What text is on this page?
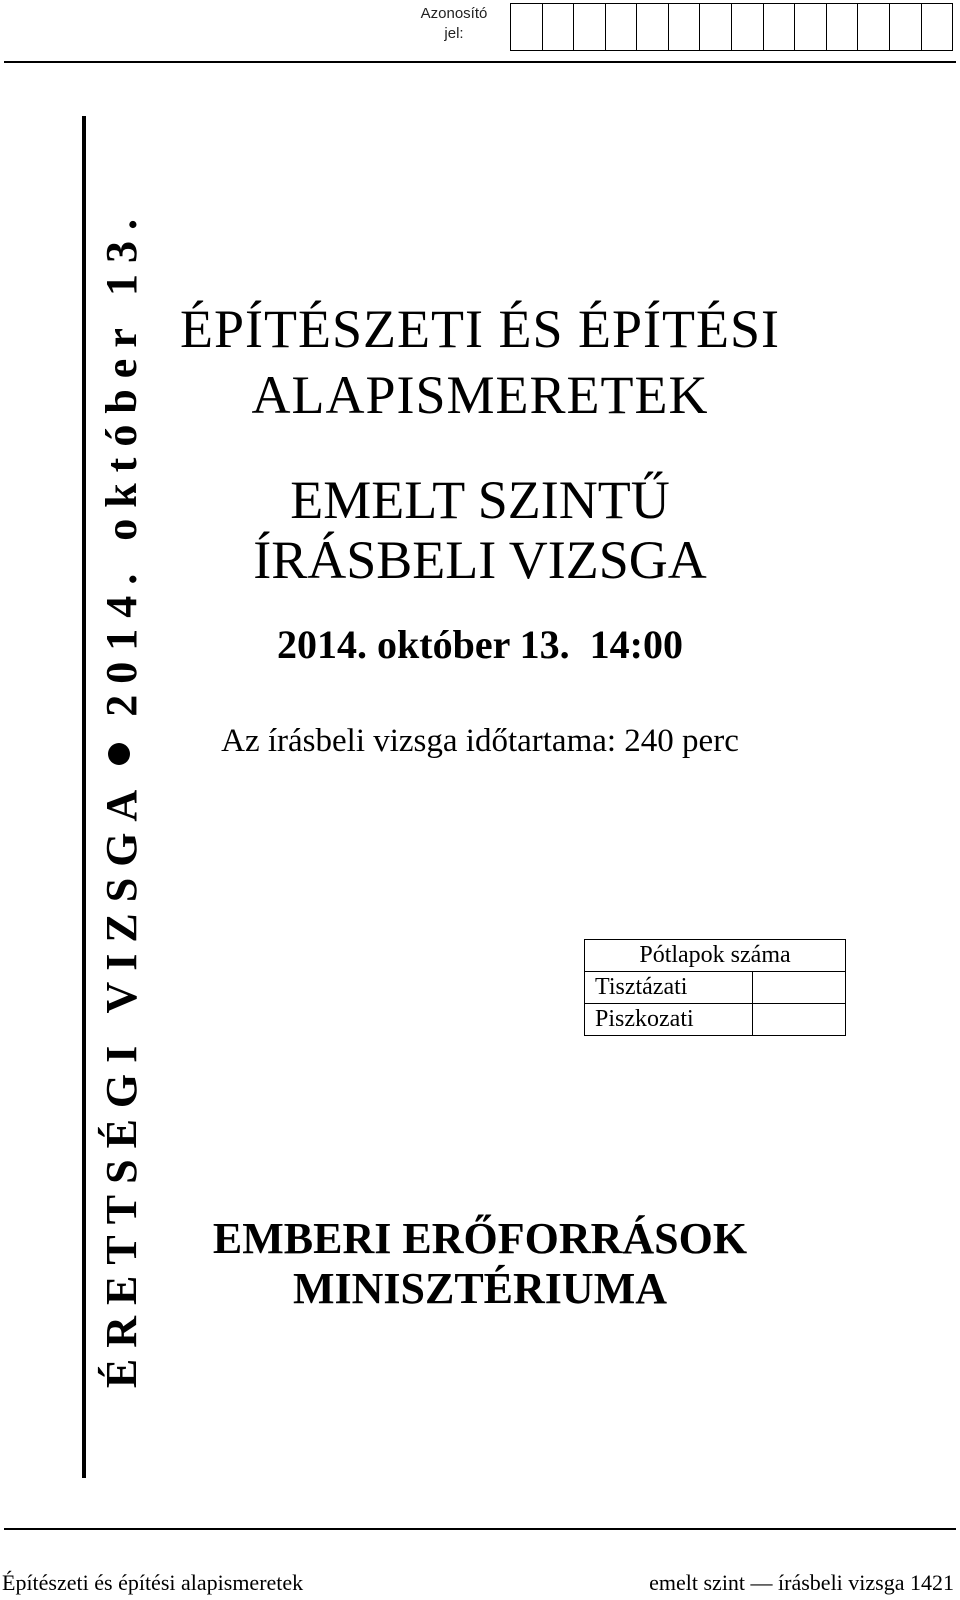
Azonosító jel:
ÉRETTSÉGI VIZSGA
2014. október 13. ÉPÍTÉSZETI ÉS ÉPÍTÉSI
ALAPISMERETEK
EMELT SZINTŰ
ÍRÁSBELI VIZSGA
2014. október 13.  14:00
Az írásbeli vizsga időtartama: 240 perc
Pótlapok száma	
Tisztázati	
Piszkozati	
EMBERI ERŐFORRÁSOK
MINISZTÉRIUMA
Építészeti és építési alapismeretek	emelt szint — írásbeli vizsga 1421
